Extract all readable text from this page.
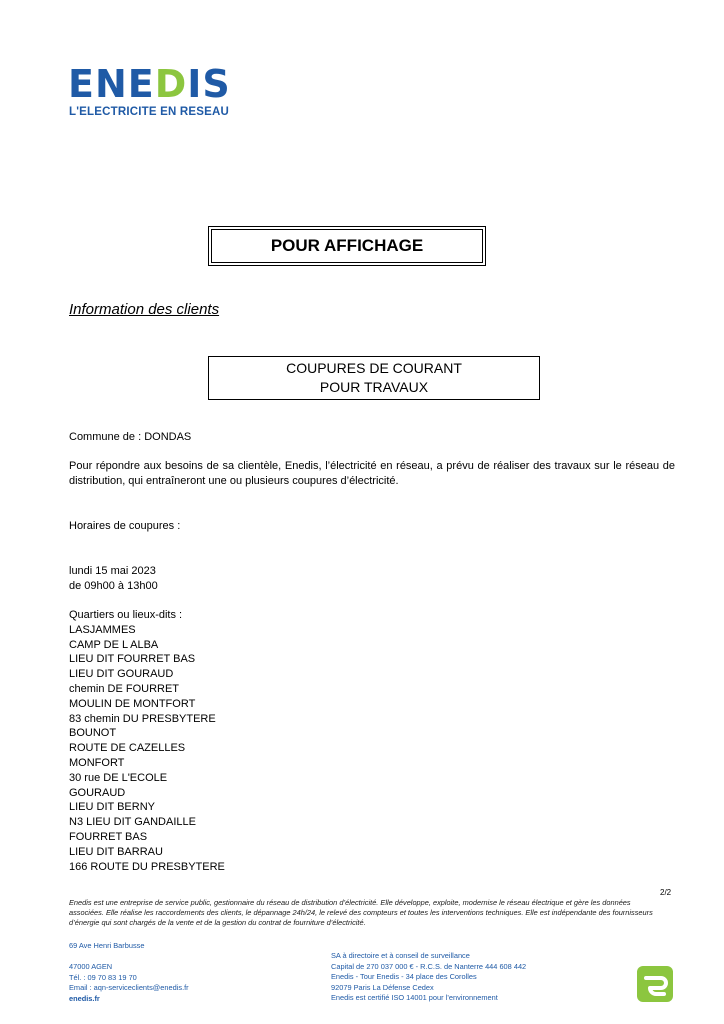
ENEDIS
L'ELECTRICITE EN RESEAU
POUR AFFICHAGE
Information des clients
COUPURES DE COURANT
POUR TRAVAUX
Commune de : DONDAS
Pour répondre aux besoins de sa clientèle, Enedis, l’électricité en réseau, a prévu de réaliser des travaux sur le réseau de distribution, qui entraîneront une ou plusieurs coupures d’électricité.
Horaires de coupures :
lundi 15 mai 2023
de 09h00 à 13h00
Quartiers ou lieux-dits :
LASJAMMES
CAMP DE L ALBA
LIEU DIT FOURRET BAS
LIEU DIT GOURAUD
chemin DE FOURRET
MOULIN DE MONTFORT
83 chemin DU PRESBYTERE
BOUNOT
ROUTE DE CAZELLES
MONFORT
30 rue DE L'ECOLE
GOURAUD
LIEU DIT BERNY
N3 LIEU DIT GANDAILLE
FOURRET BAS
LIEU DIT BARRAU
166 ROUTE DU PRESBYTERE
2/2
Enedis est une entreprise de service public, gestionnaire du réseau de distribution d’électricité. Elle développe, exploite, modernise le réseau électrique et gère les données associées. Elle réalise les raccordements des clients, le dépannage 24h/24, le relevé des compteurs et toutes les interventions techniques. Elle est indépendante des fournisseurs d’énergie qui sont chargés de la vente et de la gestion du contrat de fourniture d’électricité.
69 Ave Henri Barbusse
47000 AGEN
Tél. : 09 70 83 19 70
Email : aqn-serviceclients@enedis.fr
enedis.fr
SA à directoire et à conseil de surveillance
Capital de 270 037 000 € - R.C.S. de Nanterre 444 608 442
Enedis - Tour Enedis - 34 place des Corolles
92079 Paris La Défense Cedex
Enedis est certifié ISO 14001 pour l’environnement
